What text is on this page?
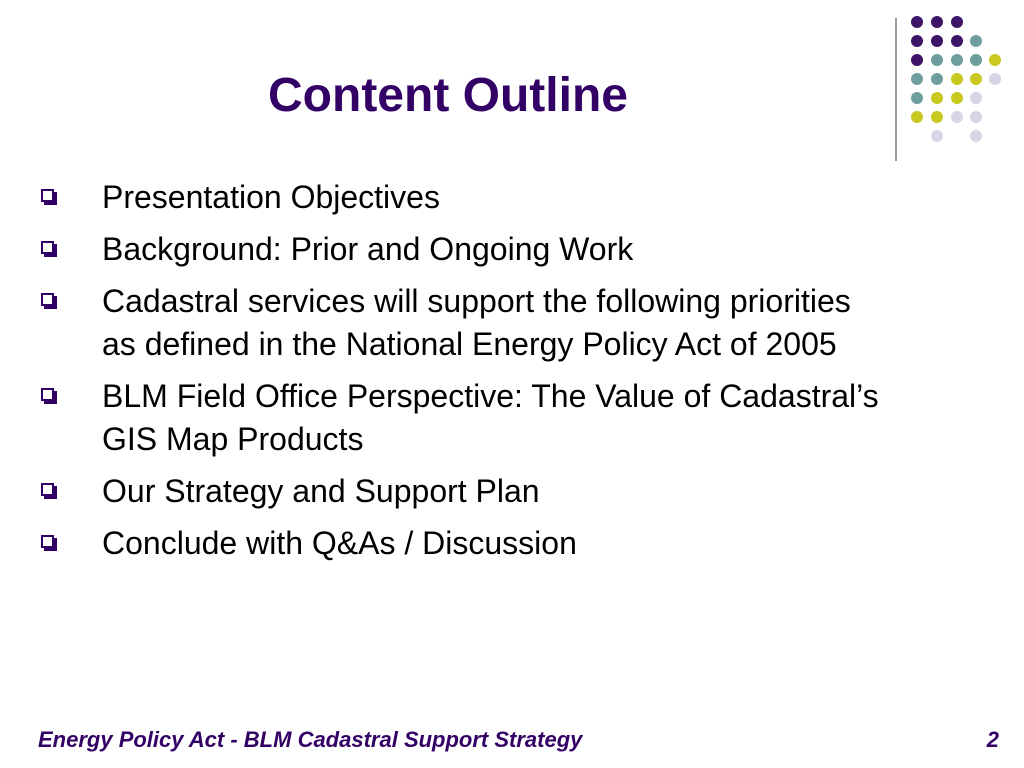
Content Outline
Presentation Objectives
Background: Prior and Ongoing Work
Cadastral services will support the following priorities as defined in the National Energy Policy Act of 2005
BLM Field Office Perspective: The Value of Cadastral’s GIS Map Products
Our Strategy and Support Plan
Conclude with Q&As / Discussion
Energy Policy Act - BLM Cadastral Support Strategy	2
